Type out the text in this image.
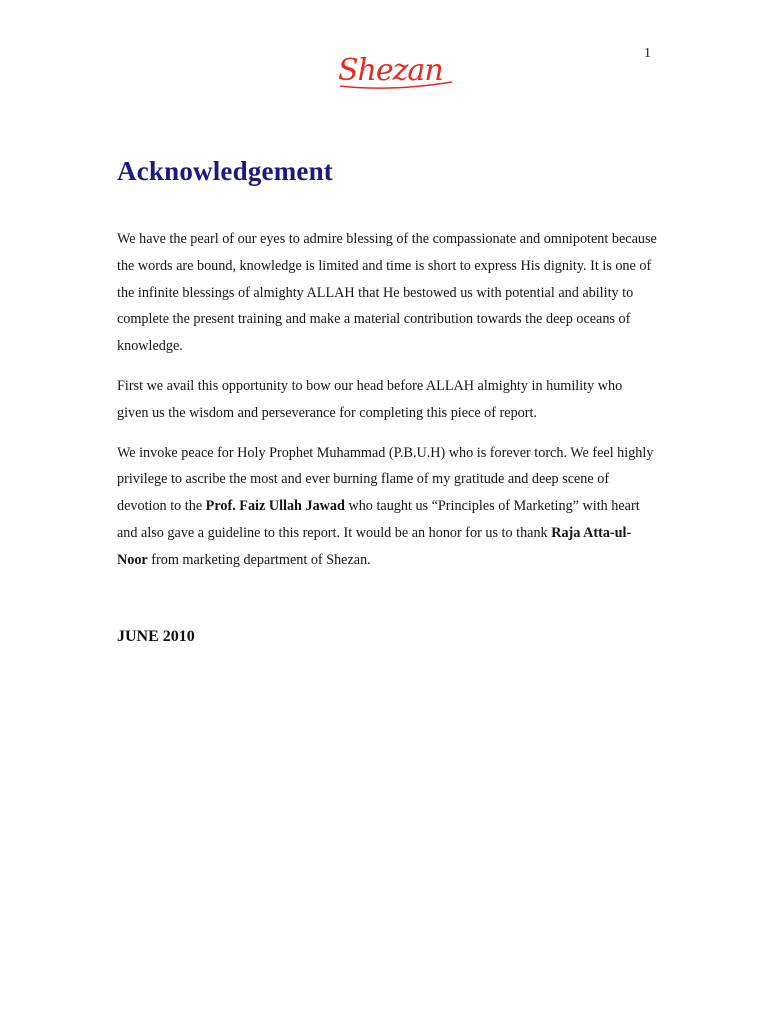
1
Shezan
Acknowledgement

We have the pearl of our eyes to admire blessing of the compassionate and omnipotent because the words are bound, knowledge is limited and time is short to express His dignity. It is one of the infinite blessings of almighty ALLAH that He bestowed us with potential and ability to complete the present training and make a material contribution towards the deep oceans of knowledge.

First we avail this opportunity to bow our head before ALLAH almighty in humility who given us the wisdom and perseverance for completing this piece of report.

We invoke peace for Holy Prophet Muhammad (P.B.U.H) who is forever torch. We feel highly privilege to ascribe the most and ever burning flame of my gratitude and deep scene of devotion to the Prof. Faiz Ullah Jawad who taught us “Principles of Marketing” with heart and also gave a guideline to this report. It would be an honor for us to thank Raja Atta-ul-Noor from marketing department of Shezan.

JUNE 2010
